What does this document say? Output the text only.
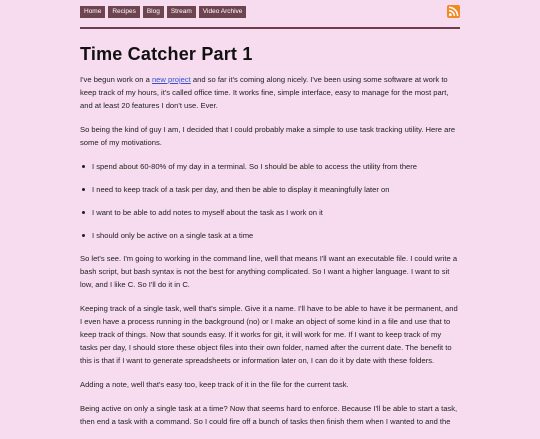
Home	Recipes	Blog	Stream	Video Archive
Time Catcher Part 1

I've begun work on a new project and so far it's coming along nicely. I've been using some software at work to keep track of my hours, it's called office time. It works fine, simple interface, easy to manage for the most part, and at least 20 features I don't use. Ever.

So being the kind of guy I am, I decided that I could probably make a simple to use task tracking utility. Here are some of my motivations.

I spend about 60-80% of my day in a terminal. So I should be able to access the utility from there
I need to keep track of a task per day, and then be able to display it meaningfully later on
I want to be able to add notes to myself about the task as I work on it
I should only be active on a single task at a time

So let's see. I'm going to working in the command line, well that means I'll want an executable file. I could write a bash script, but bash syntax is not the best for anything complicated. So I want a higher language. I want to sit low, and I like C. So I'll do it in C.

Keeping track of a single task, well that's simple. Give it a name. I'll have to be able to have it be permanent, and I even have a process running in the background (no) or I make an object of some kind in a file and use that to keep track of things. Now that sounds easy. If it works for git, it will work for me. If I want to keep track of my tasks per day, I should store these object files into their own folder, named after the current date. The benefit to this is that if I want to generate spreadsheets or information later on, I can do it by date with these folders.

Adding a note, well that's easy too, keep track of it in the file for the current task.

Being active on only a single task at a time? Now that seems hard to enforce. Because I'll be able to start a task, then end a task with a command. So I could fire off a bunch of tasks then finish them when I wanted to and the
